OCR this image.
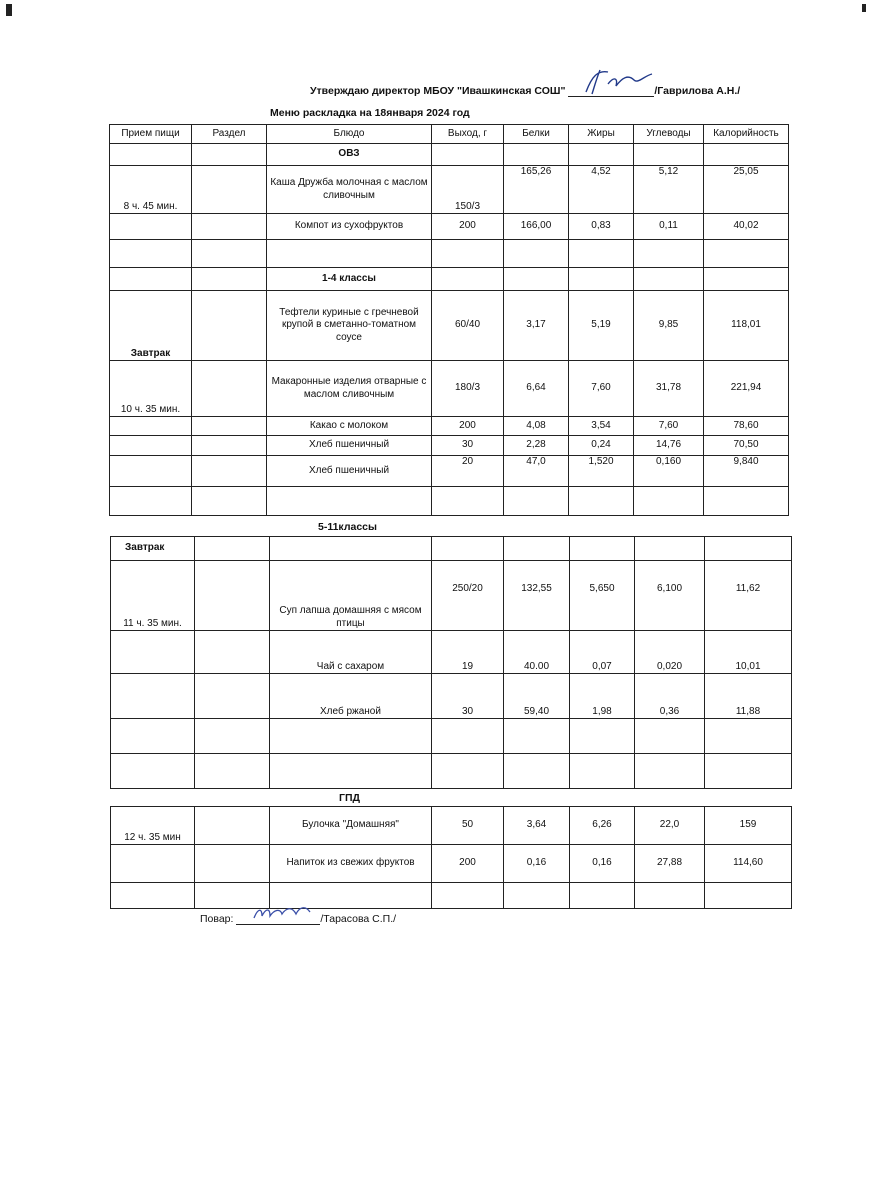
Утверждаю директор МБОУ "Ивашкинская СОШ"	/Гаврилова А.Н./
Меню раскладка на 18января 2024 год
Прием пищи	Раздел	Блюдо	Выход, г	Белки	Жиры	Углеводы	Калорийность
		ОВЗ					
8 ч. 45 мин.		Каша Дружба молочная с маслом сливочным	150/3	165,26	4,52	5,12	25,05
		Компот из сухофруктов	200	166,00	0,83	0,11	40,02

		1-4 классы					
Завтрак		Тефтели куриные с гречневой крупой в сметанно-томатном соусе	60/40	3,17	5,19	9,85	118,01
10 ч. 35 мин.		Макаронные изделия отварные с маслом сливочным	180/3	6,64	7,60	31,78	221,94
		Какао с молоком	200	4,08	3,54	7,60	78,60
		Хлеб пшеничный	30	2,28	0,24	14,76	70,50
		Хлеб пшеничный	20	47,0	1,520	0,160	9,840

5-11классы
Завтрак							
11 ч. 35 мин.		Суп лапша домашняя с мясом птицы	250/20	132,55	5,650	6,100	11,62
		Чай с сахаром	19	40.00	0,07	0,020	10,01
		Хлеб ржаной	30	59,40	1,98	0,36	11,88

ГПД
12 ч. 35 мин		Булочка "Домашняя"	50	3,64	6,26	22,0	159
		Напиток из свежих фруктов	200	0,16	0,16	27,88	114,60

Повар:	/Тарасова С.П./
